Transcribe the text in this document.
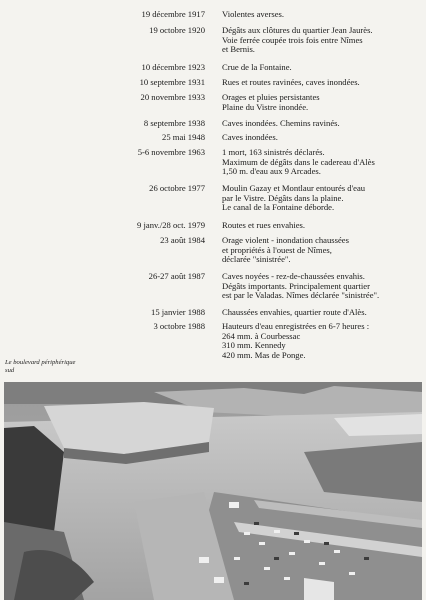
19 décembre 1917 Violentes averses.
19 octobre 1920 Dégâts aux clôtures du quartier Jean Jaurès.
Voie ferrée coupée trois fois entre Nîmes
et Bernis.
10 décembre 1923 Crue de la Fontaine.
10 septembre 1931 Rues et routes ravinées, caves inondées.
20 novembre 1933 Orages et pluies persistantes
Plaine du Vistre inondée.
8 septembre 1938 Caves inondées. Chemins ravinés.
25 mai 1948 Caves inondées.
5-6 novembre 1963 1 mort, 163 sinistrés déclarés.
Maximum de dégâts dans le cadereau d'Alès
1,50 m. d'eau aux 9 Arcades.
26 octobre 1977 Moulin Gazay et Montlaur entourés d'eau
par le Vistre. Dégâts dans la plaine.
Le canal de la Fontaine déborde.
9 janv./28 oct. 1979 Routes et rues envahies.
23 août 1984 Orage violent - inondation chaussées
et propriétés à l'ouest de Nîmes,
déclarée "sinistrée".
26-27 août 1987 Caves noyées - rez-de-chaussées envahis.
Dégâts importants. Principalement quartier
est par le Valadas. Nîmes déclarée "sinistrée".
15 janvier 1988 Chaussées envahies, quartier route d'Alès.
3 octobre 1988 Hauteurs d'eau enregistrées en 6-7 heures :
264 mm. à Courbessac
310 mm. Kennedy
420 mm. Mas de Ponge.
Le boulevard périphérique
sud
